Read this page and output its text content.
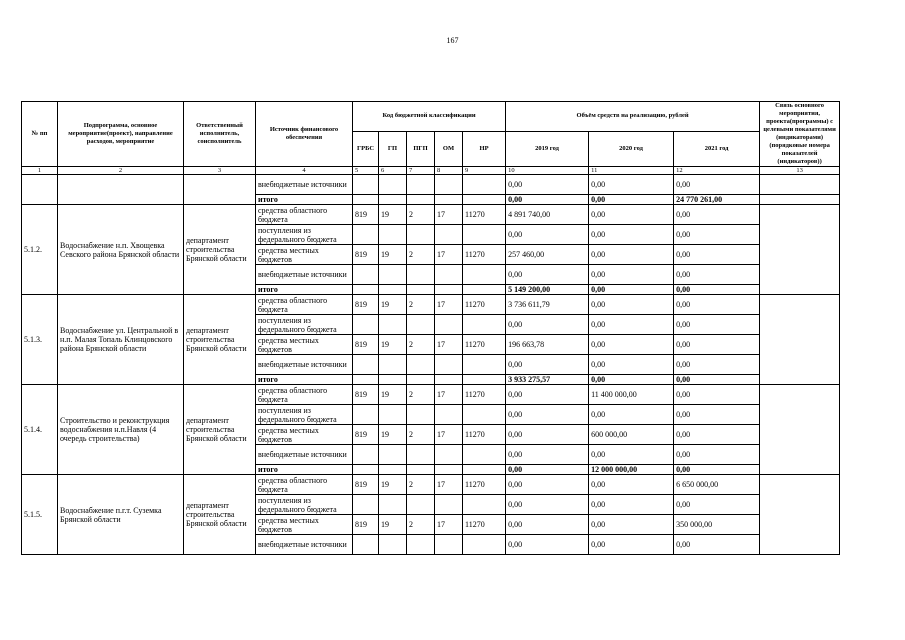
167
№ пп	Подпрограмма, основное мероприятие(проект), направление расходов, мероприятие	Ответственный исполнитель, соисполнитель	Источник финансового обеспечения	Код бюджетной классификации					Объём средств на реализацию, рублей			Связь основного мероприятия, проекта(программы) с целевыми показателями (индикаторами) (порядковые номера показателей (индикаторов))
				ГРБС	ГП	ПГП	ОМ	НР	2019 год	2020 год	2021 год	
1	2	3	4	5	6	7	8	9	10	11	12	13
			внебюджетные источники						0,00	0,00	0,00	
			итого						0,00	0,00	24 770 261,00	
5.1.2.	Водоснабжение н.п. Хвощевка Севского района Брянской области	департамент строительства Брянской области	средства областного бюджета	819	19	2	17	11270	4 891 740,00	0,00	0,00	
			поступления из федерального бюджета						0,00	0,00	0,00	
			средства местных бюджетов	819	19	2	17	11270	257 460,00	0,00	0,00	
			внебюджетные источники						0,00	0,00	0,00	
			итого						5 149 200,00	0,00	0,00	
5.1.3.	Водоснабжение ул. Центральной в н.п. Малая Топаль Клинцовского района Брянской области	департамент строительства Брянской области	средства областного бюджета	819	19	2	17	11270	3 736 611,79	0,00	0,00	
			поступления из федерального бюджета						0,00	0,00	0,00	
			средства местных бюджетов	819	19	2	17	11270	196 663,78	0,00	0,00	
			внебюджетные источники						0,00	0,00	0,00	
			итого						3 933 275,57	0,00	0,00	
5.1.4.	Строительство и реконструкция водоснабжения н.п.Навля (4 очередь строительства)	департамент строительства Брянской области	средства областного бюджета	819	19	2	17	11270	0,00	11 400 000,00	0,00	
			поступления из федерального бюджета						0,00	0,00	0,00	
			средства местных бюджетов	819	19	2	17	11270	0,00	600 000,00	0,00	
			внебюджетные источники						0,00	0,00	0,00	
			итого						0,00	12 000 000,00	0,00	
5.1.5.	Водоснабжение п.г.т. Суземка Брянской области	департамент строительства Брянской области	средства областного бюджета	819	19	2	17	11270	0,00	0,00	6 650 000,00	
			поступления из федерального бюджета						0,00	0,00	0,00	
			средства местных бюджетов	819	19	2	17	11270	0,00	0,00	350 000,00	
			внебюджетные источники						0,00	0,00	0,00	
